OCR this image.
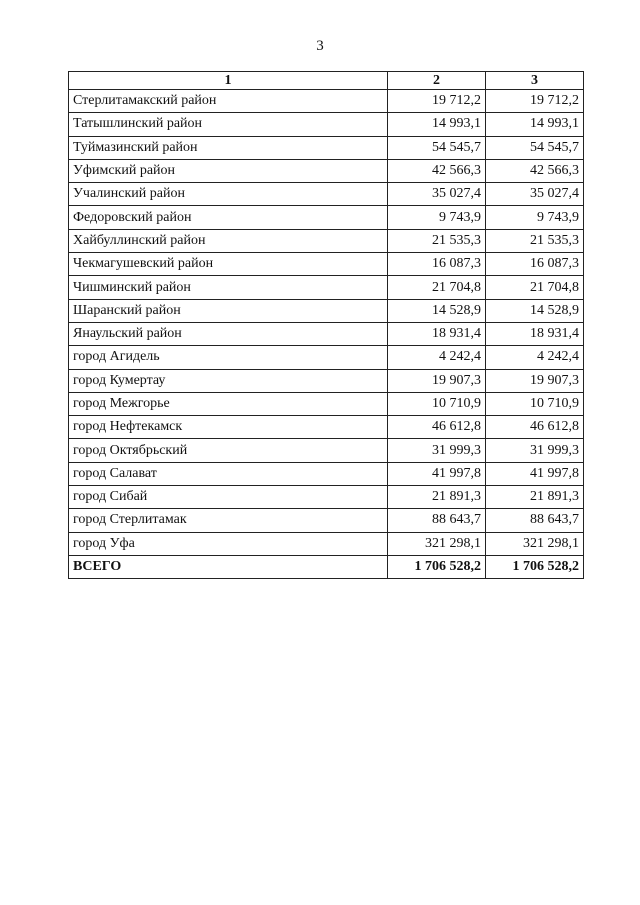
3
1	2	3
Стерлитамакский район	19 712,2	19 712,2
Татышлинский район	14 993,1	14 993,1
Туймазинский район	54 545,7	54 545,7
Уфимский район	42 566,3	42 566,3
Учалинский район	35 027,4	35 027,4
Федоровский район	9 743,9	9 743,9
Хайбуллинский район	21 535,3	21 535,3
Чекмагушевский район	16 087,3	16 087,3
Чишминский район	21 704,8	21 704,8
Шаранский район	14 528,9	14 528,9
Янаульский район	18 931,4	18 931,4
город Агидель	4 242,4	4 242,4
город Кумертау	19 907,3	19 907,3
город Межгорье	10 710,9	10 710,9
город Нефтекамск	46 612,8	46 612,8
город Октябрьский	31 999,3	31 999,3
город Салават	41 997,8	41 997,8
город Сибай	21 891,3	21 891,3
город Стерлитамак	88 643,7	88 643,7
город Уфа	321 298,1	321 298,1
ВСЕГО	1 706 528,2	1 706 528,2
